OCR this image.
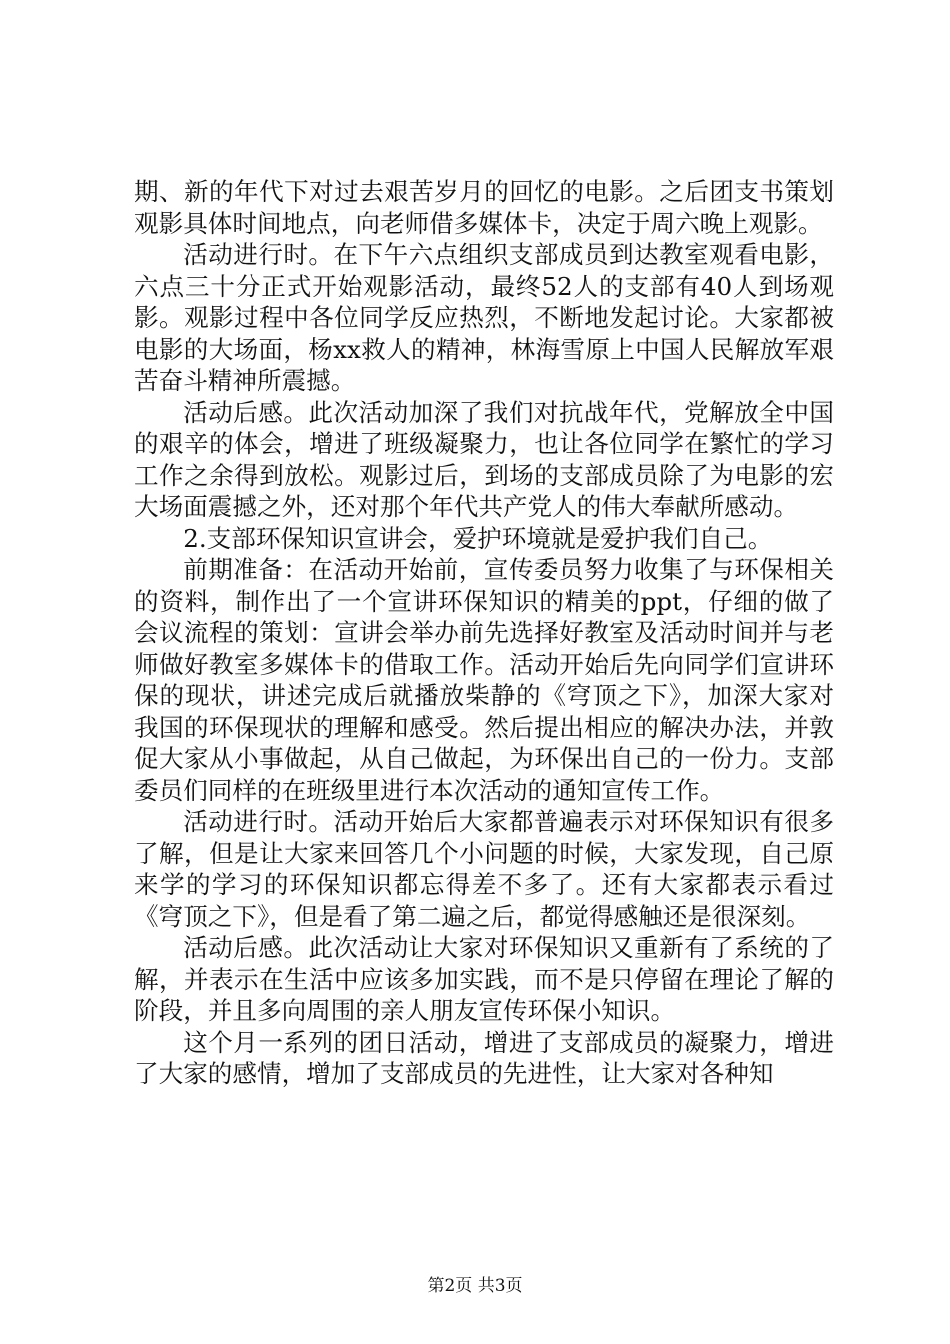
期、新的年代下对过去艰苦岁月的回忆的电影。之后团支书策划观影具体时间地点，向老师借多媒体卡，决定于周六晚上观影。

活动进行时。在下午六点组织支部成员到达教室观看电影，六点三十分正式开始观影活动，最终52人的支部有40人到场观影。观影过程中各位同学反应热烈，不断地发起讨论。大家都被电影的大场面，杨xx救人的精神，林海雪原上中国人民解放军艰苦奋斗精神所震撼。

活动后感。此次活动加深了我们对抗战年代，党解放全中国的艰辛的体会，增进了班级凝聚力，也让各位同学在繁忙的学习工作之余得到放松。观影过后，到场的支部成员除了为电影的宏大场面震撼之外，还对那个年代共产党人的伟大奉献所感动。

2.支部环保知识宣讲会，爱护环境就是爱护我们自己。

前期准备：在活动开始前，宣传委员努力收集了与环保相关的资料，制作出了一个宣讲环保知识的精美的ppt，仔细的做了会议流程的策划：宣讲会举办前先选择好教室及活动时间并与老师做好教室多媒体卡的借取工作。活动开始后先向同学们宣讲环保的现状，讲述完成后就播放柴静的《穹顶之下》，加深大家对我国的环保现状的理解和感受。然后提出相应的解决办法，并敦促大家从小事做起，从自己做起，为环保出自己的一份力。支部委员们同样的在班级里进行本次活动的通知宣传工作。

活动进行时。活动开始后大家都普遍表示对环保知识有很多了解，但是让大家来回答几个小问题的时候，大家发现，自己原来学的学习的环保知识都忘得差不多了。还有大家都表示看过《穹顶之下》，但是看了第二遍之后，都觉得感触还是很深刻。

活动后感。此次活动让大家对环保知识又重新有了系统的了解，并表示在生活中应该多加实践，而不是只停留在理论了解的阶段，并且多向周围的亲人朋友宣传环保小知识。

这个月一系列的团日活动，增进了支部成员的凝聚力，增进了大家的感情，增加了支部成员的先进性，让大家对各种知

第2页 共3页
